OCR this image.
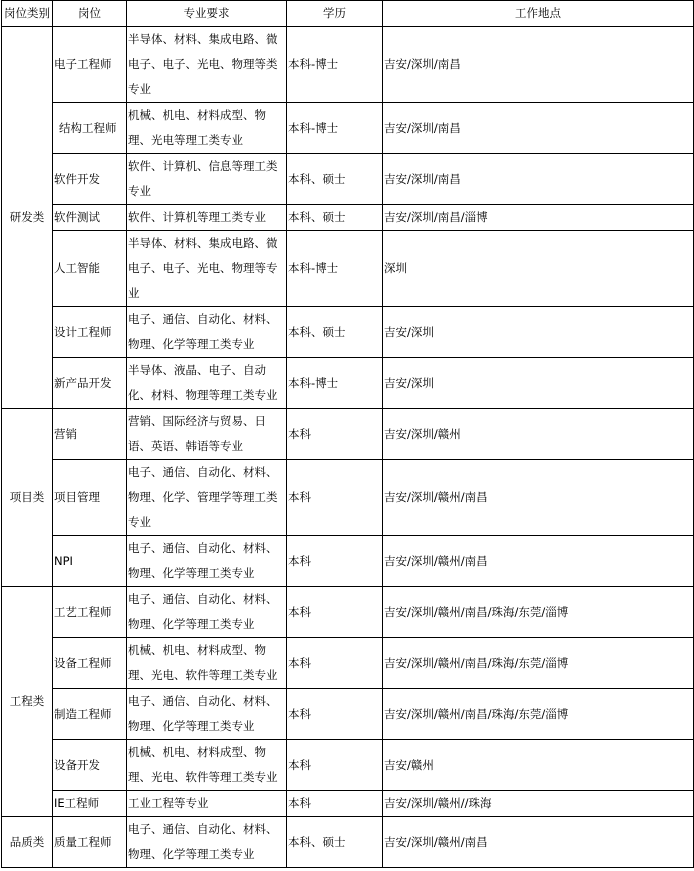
岗位类别	岗位	专业要求	学历	工作地点
研发类	电子工程师	半导体、材料、集成电路、微电子、电子、光电、物理等类专业	本科-博士	吉安/深圳/南昌
	结构工程师	机械、机电、材料成型、物理、光电等理工类专业	本科-博士	吉安/深圳/南昌
	软件开发	软件、计算机、信息等理工类专业	本科、硕士	吉安/深圳/南昌
	软件测试	软件、计算机等理工类专业	本科、硕士	吉安/深圳/南昌/淄博
	人工智能	半导体、材料、集成电路、微电子、电子、光电、物理等专业	本科-博士	深圳
	设计工程师	电子、通信、自动化、材料、物理、化学等理工类专业	本科、硕士	吉安/深圳
	新产品开发	半导体、液晶、电子、自动化、材料、物理等理工类专业	本科-博士	吉安/深圳
项目类	营销	营销、国际经济与贸易、日语、英语、韩语等专业	本科	吉安/深圳/赣州
	项目管理	电子、通信、自动化、材料、物理、化学、管理学等理工类专业	本科	吉安/深圳/赣州/南昌
	NPI	电子、通信、自动化、材料、物理、化学等理工类专业	本科	吉安/深圳/赣州/南昌
工程类	工艺工程师	电子、通信、自动化、材料、物理、化学等理工类专业	本科	吉安/深圳/赣州/南昌/珠海/东莞/淄博
	设备工程师	机械、机电、材料成型、物理、光电、软件等理工类专业	本科	吉安/深圳/赣州/南昌/珠海/东莞/淄博
	制造工程师	电子、通信、自动化、材料、物理、化学等理工类专业	本科	吉安/深圳/赣州/南昌/珠海/东莞/淄博
	设备开发	机械、机电、材料成型、物理、光电、软件等理工类专业	本科	吉安/赣州
	IE工程师	工业工程等专业	本科	吉安/深圳/赣州//珠海
品质类	质量工程师	电子、通信、自动化、材料、物理、化学等理工类专业	本科、硕士	吉安/深圳/赣州/南昌
